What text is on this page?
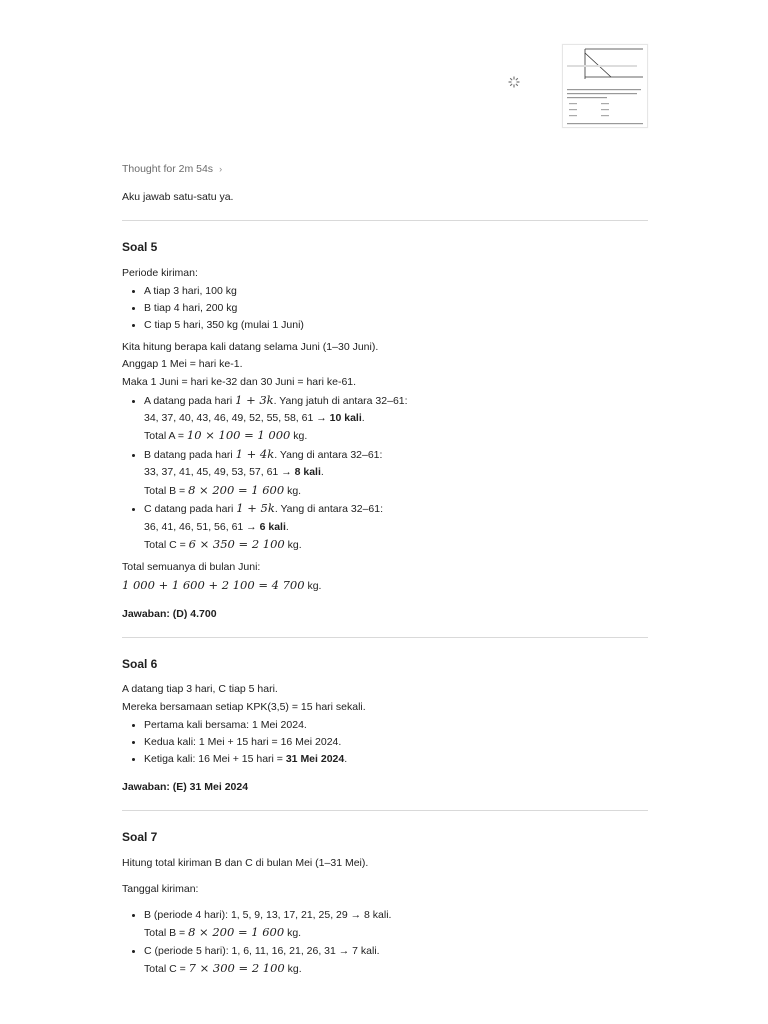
Thought for 2m 54s ›

Aku jawab satu-satu ya.

Soal 5

Periode kiriman:

• A tiap 3 hari, 100 kg
• B tiap 4 hari, 200 kg
• C tiap 5 hari, 350 kg (mulai 1 Juni)

Kita hitung berapa kali datang selama Juni (1–30 Juni).

Anggap 1 Mei = hari ke-1.

Maka 1 Juni = hari ke-32 dan 30 Juni = hari ke-61.

• A datang pada hari 1 + 3k. Yang jatuh di antara 32–61:
34, 37, 40, 43, 46, 49, 52, 55, 58, 61 → 10 kali.
Total A = 10 × 100 = 1 000 kg.
• B datang pada hari 1 + 4k. Yang di antara 32–61:
33, 37, 41, 45, 49, 53, 57, 61 → 8 kali.
Total B = 8 × 200 = 1 600 kg.
• C datang pada hari 1 + 5k. Yang di antara 32–61:
36, 41, 46, 51, 56, 61 → 6 kali.
Total C = 6 × 350 = 2 100 kg.

Total semuanya di bulan Juni:

1 000 + 1 600 + 2 100 = 4 700 kg.

Jawaban: (D) 4.700

Soal 6

A datang tiap 3 hari, C tiap 5 hari.

Mereka bersamaan setiap KPK(3,5) = 15 hari sekali.

• Pertama kali bersama: 1 Mei 2024.
• Kedua kali: 1 Mei + 15 hari = 16 Mei 2024.
• Ketiga kali: 16 Mei + 15 hari = 31 Mei 2024.

Jawaban: (E) 31 Mei 2024

Soal 7

Hitung total kiriman B dan C di bulan Mei (1–31 Mei).

Tanggal kiriman:

• B (periode 4 hari): 1, 5, 9, 13, 17, 21, 25, 29 → 8 kali.
Total B = 8 × 200 = 1 600 kg.
• C (periode 5 hari): 1, 6, 11, 16, 21, 26, 31 → 7 kali.
Total C = 7 × 300 = 2 100 kg.
